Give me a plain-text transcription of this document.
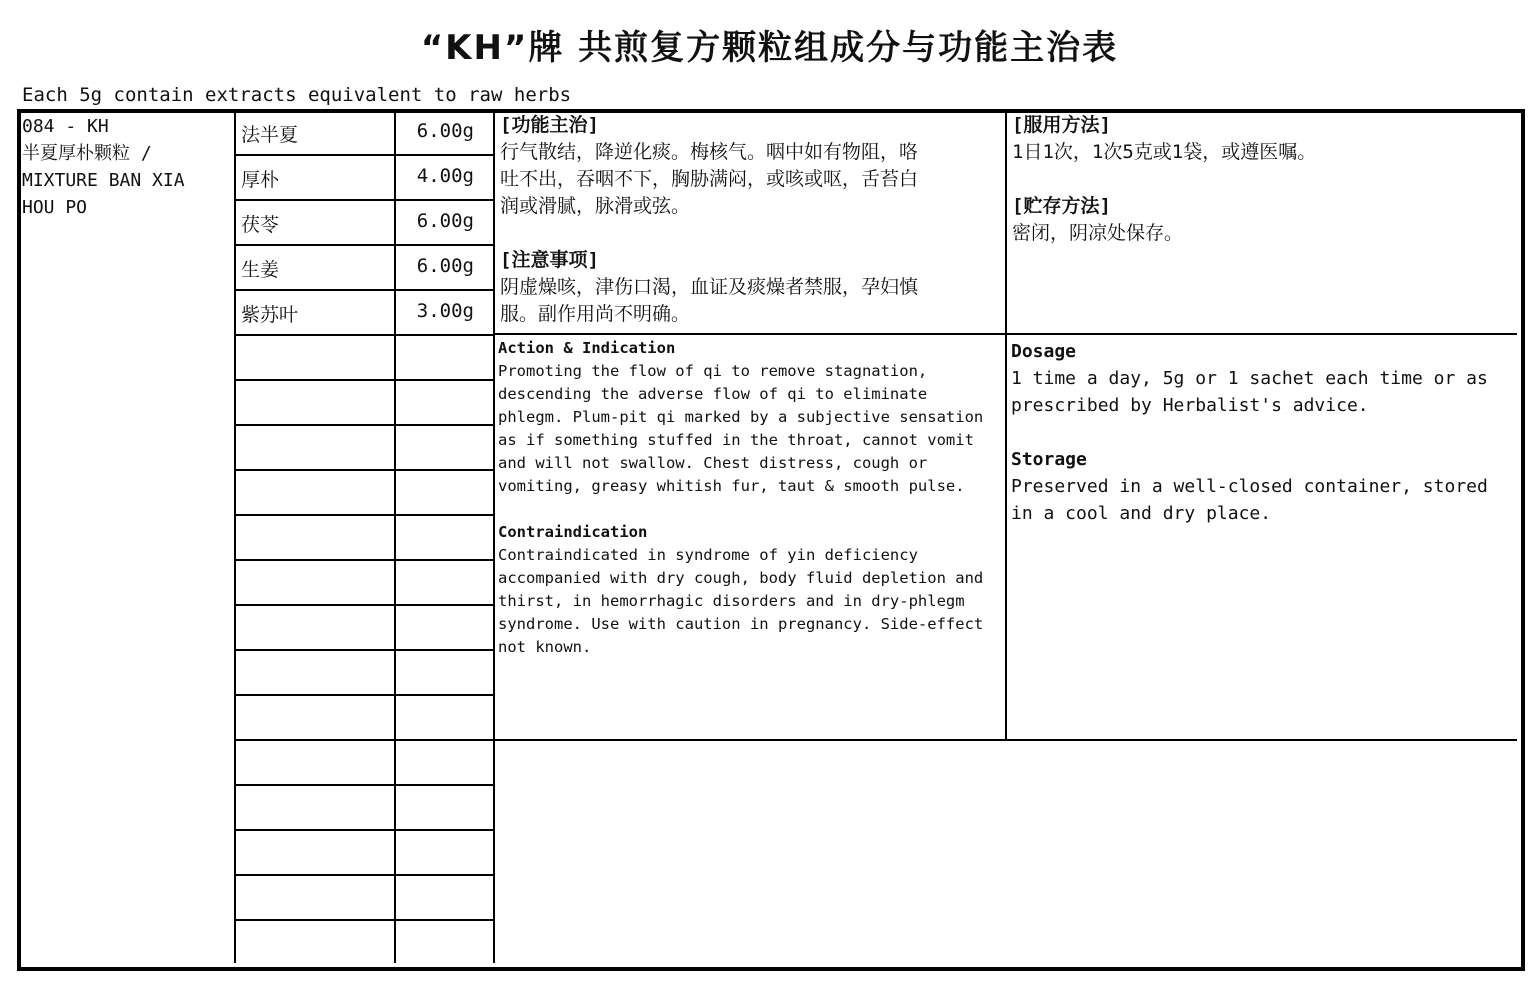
“KH”牌 共煎复方颗粒组成分与功能主治表
Each 5g contain extracts equivalent to raw herbs
084 - KH
半夏厚朴颗粒 /
MIXTURE BAN XIA
HOU PO
法半夏	6.00g
厚朴	4.00g
茯苓	6.00g
生姜	6.00g
紫苏叶	3.00g
[功能主治]
行气散结，降逆化痰。梅核气。咽中如有物阻，咯
吐不出，吞咽不下，胸胁满闷，或咳或呕，舌苔白
润或滑腻，脉滑或弦。
[注意事项]
阴虚燥咳，津伤口渴，血证及痰燥者禁服，孕妇慎
服。副作用尚不明确。
[服用方法]
1日1次，1次5克或1袋，或遵医嘱。
[贮存方法]
密闭，阴凉处保存。
Action & Indication
Promoting the flow of qi to remove stagnation,
descending the adverse flow of qi to eliminate
phlegm. Plum-pit qi marked by a subjective sensation
as if something stuffed in the throat, cannot vomit
and will not swallow. Chest distress, cough or
vomiting, greasy whitish fur, taut & smooth pulse.
Contraindication
Contraindicated in syndrome of yin deficiency
accompanied with dry cough, body fluid depletion and
thirst, in hemorrhagic disorders and in dry-phlegm
syndrome. Use with caution in pregnancy. Side-effect
not known.
Dosage
1 time a day, 5g or 1 sachet each time or as
prescribed by Herbalist's advice.
Storage
Preserved in a well-closed container, stored
in a cool and dry place.
